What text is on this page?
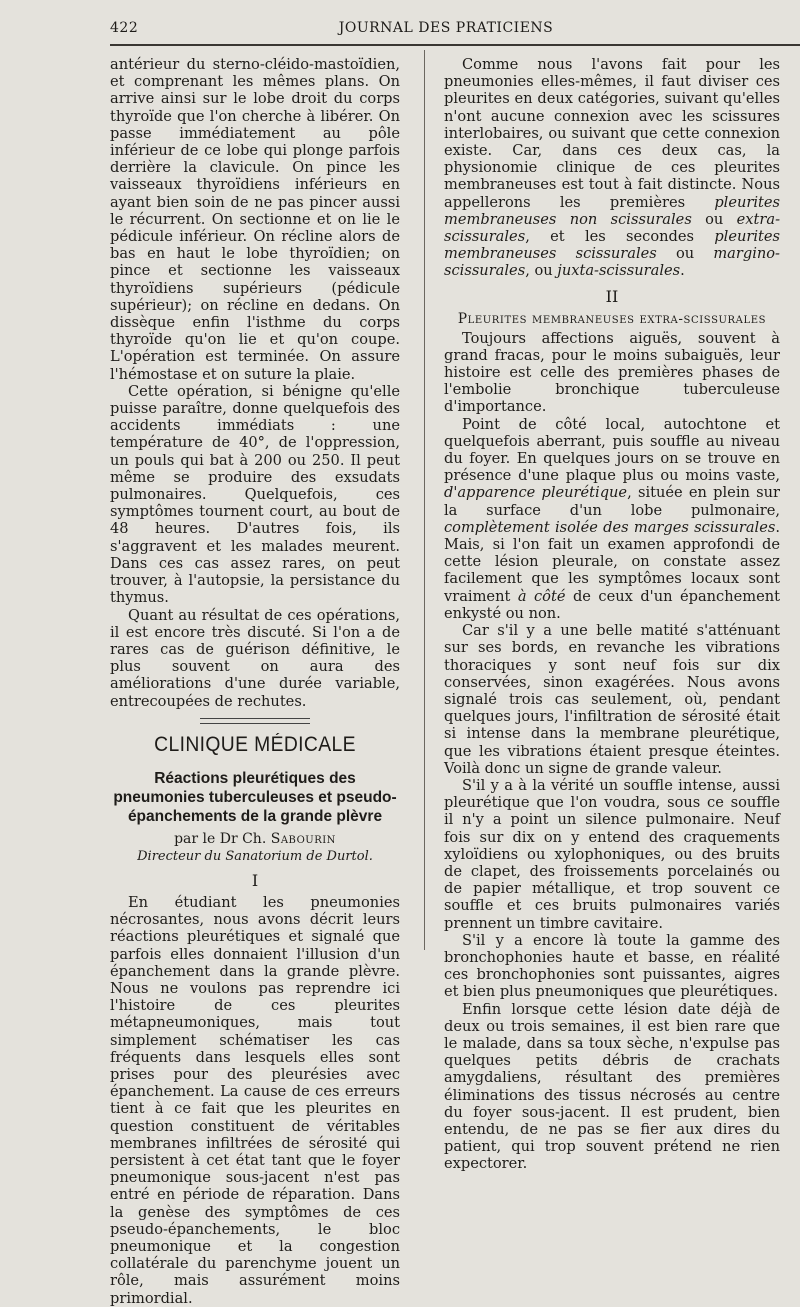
422	JOURNAL DES PRATICIENS

antérieur du sterno-cléido-mastoïdien, et comprenant les mêmes plans. On arrive ainsi sur le lobe droit du corps thyroïde que l'on cherche à libérer. On passe immédiatement au pôle inférieur de ce lobe qui plonge parfois derrière la clavicule. On pince les vaisseaux thyroïdiens inférieurs en ayant bien soin de ne pas pincer aussi le récurrent. On sectionne et on lie le pédicule inférieur. On récline alors de bas en haut le lobe thyroïdien; on pince et sectionne les vaisseaux thyroïdiens supérieurs (pédicule supérieur); on récline en dedans. On dissèque enfin l'isthme du corps thyroïde qu'on lie et qu'on coupe. L'opération est terminée. On assure l'hémostase et on suture la plaie.

Cette opération, si bénigne qu'elle puisse paraître, donne quelquefois des accidents immédiats : une température de 40°, de l'oppression, un pouls qui bat à 200 ou 250. Il peut même se produire des exsudats pulmonaires. Quelquefois, ces symptômes tournent court, au bout de 48 heures. D'autres fois, ils s'aggravent et les malades meurent. Dans ces cas assez rares, on peut trouver, à l'autopsie, la persistance du thymus.

Quant au résultat de ces opérations, il est encore très discuté. Si l'on a de rares cas de guérison définitive, le plus souvent on aura des améliorations d'une durée variable, entrecoupées de rechutes.

CLINIQUE MÉDICALE
Réactions pleurétiques des pneumonies tuberculeuses et pseudo-épanchements de la grande plèvre
par le Dr Ch. Sabourin
Directeur du Sanatorium de Durtol.
I

En étudiant les pneumonies nécrosantes, nous avons décrit leurs réactions pleurétiques et signalé que parfois elles donnaient l'illusion d'un épanchement dans la grande plèvre. Nous ne voulons pas reprendre ici l'histoire de ces pleurites métapneumoniques, mais tout simplement schématiser les cas fréquents dans lesquels elles sont prises pour des pleurésies avec épanchement. La cause de ces erreurs tient à ce fait que les pleurites en question constituent de véritables membranes infiltrées de sérosité qui persistent à cet état tant que le foyer pneumonique sous-jacent n'est pas entré en période de réparation. Dans la genèse des symptômes de ces pseudo-épanchements, le bloc pneumonique et la congestion collatérale du parenchyme jouent un rôle, mais assurément moins primordial.

Comme nous l'avons fait pour les pneumonies elles-mêmes, il faut diviser ces pleurites en deux catégories, suivant qu'elles n'ont aucune connexion avec les scissures interlobaires, ou suivant que cette connexion existe. Car, dans ces deux cas, la physionomie clinique de ces pleurites membraneuses est tout à fait distincte. Nous appellerons les premières pleurites membraneuses non scissurales ou extra-scissurales, et les secondes pleurites membraneuses scissurales ou margino-scissurales, ou juxta-scissurales.

II
Pleurites membraneuses extra-scissurales

Toujours affections aiguës, souvent à grand fracas, pour le moins subaiguës, leur histoire est celle des premières phases de l'embolie bronchique tuberculeuse d'importance.

Point de côté local, autochtone et quelquefois aberrant, puis souffle au niveau du foyer. En quelques jours on se trouve en présence d'une plaque plus ou moins vaste, d'apparence pleurétique, située en plein sur la surface d'un lobe pulmonaire, complètement isolée des marges scissurales. Mais, si l'on fait un examen approfondi de cette lésion pleurale, on constate assez facilement que les symptômes locaux sont vraiment à côté de ceux d'un épanchement enkysté ou non.

Car s'il y a une belle matité s'atténuant sur ses bords, en revanche les vibrations thoraciques y sont neuf fois sur dix conservées, sinon exagérées. Nous avons signalé trois cas seulement, où, pendant quelques jours, l'infiltration de sérosité était si intense dans la membrane pleurétique, que les vibrations étaient presque éteintes. Voilà donc un signe de grande valeur.

S'il y a à la vérité un souffle intense, aussi pleurétique que l'on voudra, sous ce souffle il n'y a point un silence pulmonaire. Neuf fois sur dix on y entend des craquements xyloïdiens ou xylophoniques, ou des bruits de clapet, des froissements porcelainés ou de papier métallique, et trop souvent ce souffle et ces bruits pulmonaires variés prennent un timbre cavitaire.

S'il y a encore là toute la gamme des bronchophonies haute et basse, en réalité ces bronchophonies sont puissantes, aigres et bien plus pneumoniques que pleurétiques.

Enfin lorsque cette lésion date déjà de deux ou trois semaines, il est bien rare que le malade, dans sa toux sèche, n'expulse pas quelques petits débris de crachats amygdaliens, résultant des premières éliminations des tissus nécrosés au centre du foyer sous-jacent. Il est prudent, bien entendu, de ne pas se fier aux dires du patient, qui trop souvent prétend ne rien expectorer.
